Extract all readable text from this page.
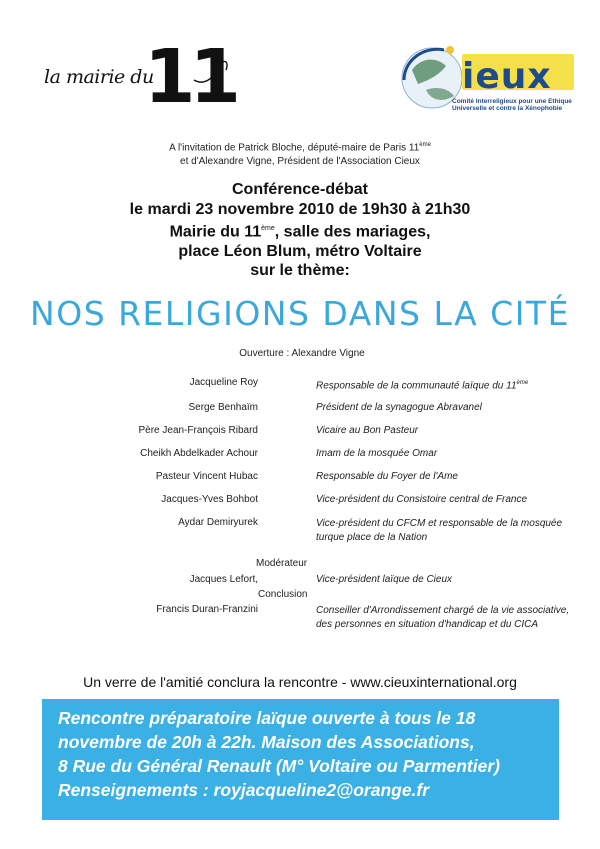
la mairie du
11	ieux
Comité Interreligieux pour une Ethique Universelle et contre la Xénophobie
A l'invitation de Patrick Bloche, député-maire de Paris 11ème
et d'Alexandre Vigne, Président de l'Association Cieux
Conférence-débat
le mardi 23 novembre 2010 de 19h30 à 21h30
Mairie du 11ème, salle des mariages,
place Léon Blum, métro Voltaire
sur le thème:
NOS RELIGIONS DANS LA CITÉ
Ouverture : Alexandre Vigne
Jacqueline Roy	Responsable de la communauté laïque du 11ème
Serge Benhaïm	Président de la synagogue Abravanel
Père Jean-François Ribard	Vicaire au Bon Pasteur
Cheikh Abdelkader Achour	Imam de la mosquée Omar
Pasteur Vincent Hubac	Responsable du Foyer de l'Ame
Jacques-Yves Bohbot	Vice-président du Consistoire central de France
Aydar Demiryurek	Vice-président du CFCM et responsable de la mosquée turque place de la Nation
Modérateur
Jacques Lefort,	Vice-président laïque de Cieux
Conclusion
Francis Duran-Franzini	Conseiller d'Arrondissement chargé de la vie associative, des personnes en situation d'handicap et du CICA
Un verre de l'amitié conclura la rencontre - www.cieuxinternational.org
Rencontre préparatoire laïque ouverte à tous le 18
novembre de 20h à 22h. Maison des Associations,
8 Rue du Général Renault (M° Voltaire ou Parmentier)
Renseignements : royjacqueline2@orange.fr
